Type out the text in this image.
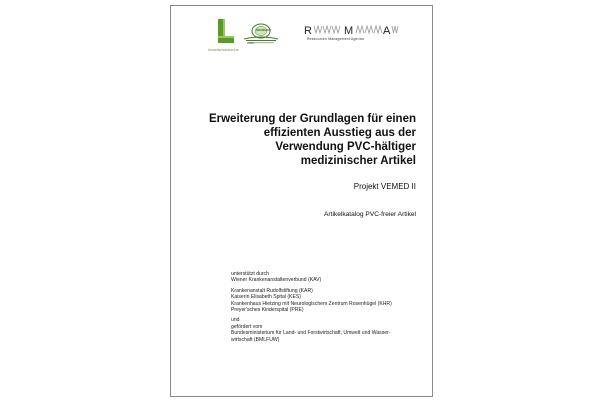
Umweltschutzbund.at
ÖKOKAUF
WIEN
R	M	A
Ressourcen Management Agentur
Erweiterung der Grundlagen für einen
effizienten Ausstieg aus der
Verwendung PVC-hältiger
medizinischer Artikel
Projekt VEMED II
Artikelkatalog PVC-freier Artikel
unterstützt durch
Wiener Krankenanstaltenverbund (KAV)
Krankenanstalt Rudolfstiftung (KAR)
Kaiserin Elisabeth Spital (KES)
Krankenhaus Hietzing mit Neurologischem Zentrum Rosenhügel (KHR)
Preyer'sches Kinderspital (PRE)
und
gefördert vom
Bundesministerium für Land- und Forstwirtschaft, Umwelt und Wasser-
wirtschaft (BMLFUW)
